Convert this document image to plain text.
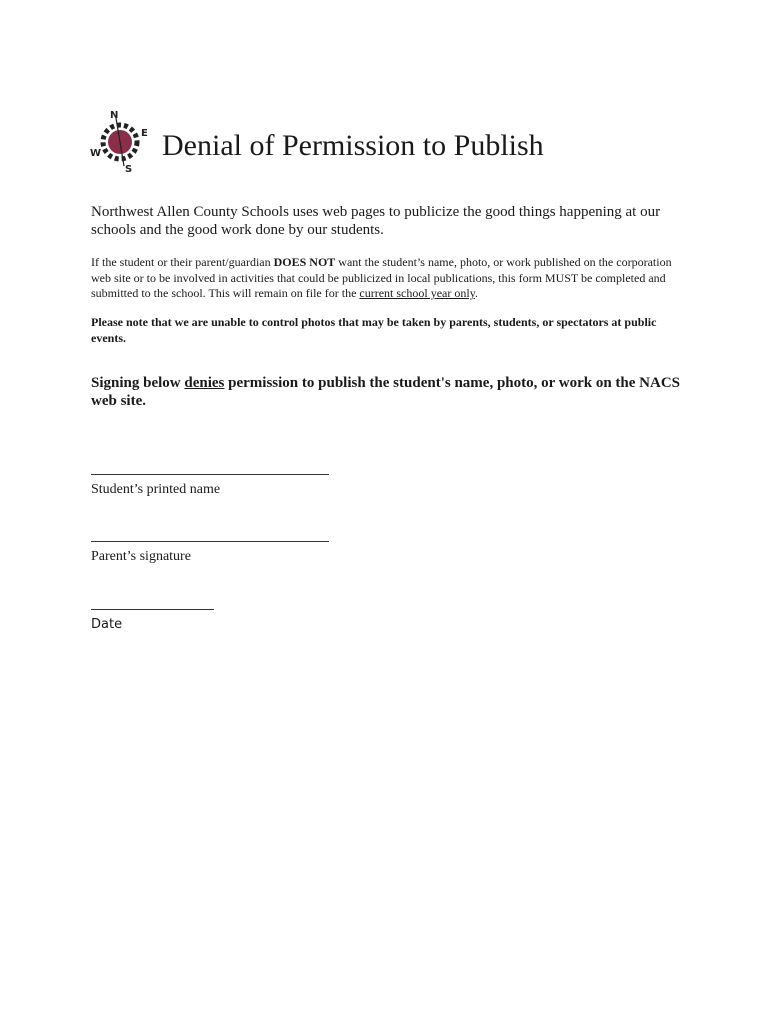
N
E
S
W Denial of Permission to Publish
Northwest Allen County Schools uses web pages to publicize the good things happening at our schools and the good work done by our students.
If the student or their parent/guardian DOES NOT want the student’s name, photo, or work published on the corporation web site or to be involved in activities that could be publicized in local publications, this form MUST be completed and submitted to the school. This will remain on file for the current school year only.
Please note that we are unable to control photos that may be taken by parents, students, or spectators at public events.
Signing below denies permission to publish the student's name, photo, or work on the NACS web site.
Student’s printed name
Parent’s signature
Date
